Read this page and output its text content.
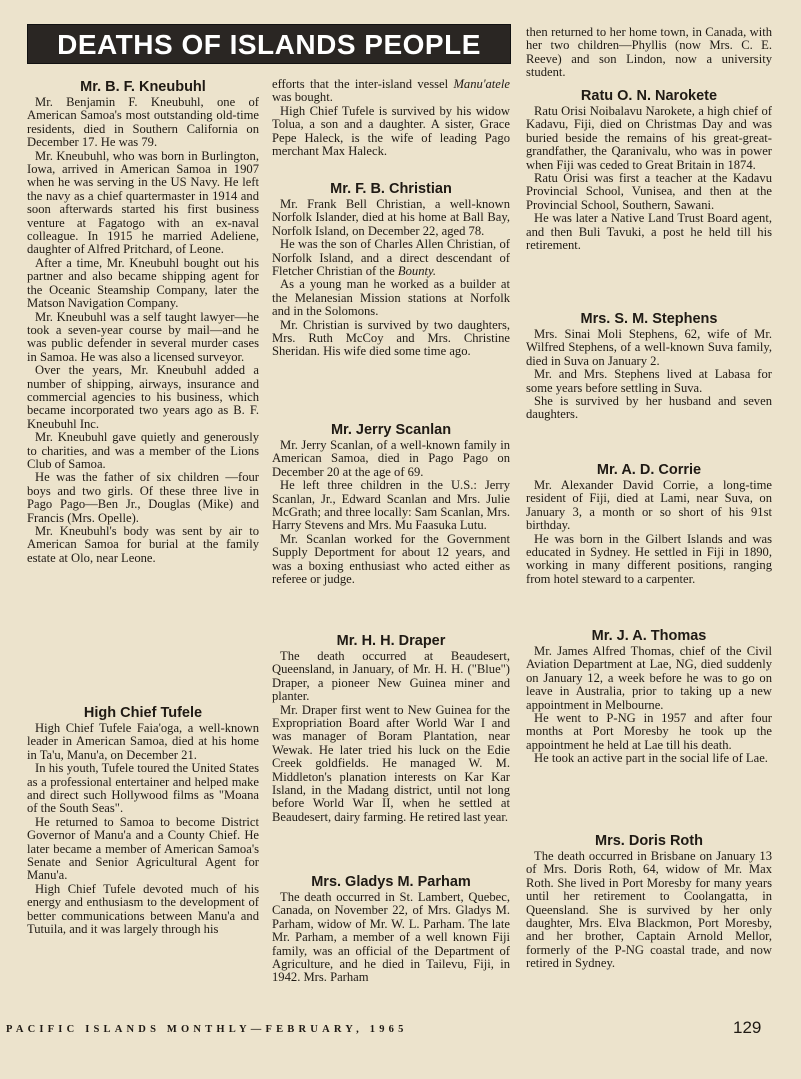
DEATHS OF ISLANDS PEOPLE

Mr. B. F. Kneubuhl

Mr. Benjamin F. Kneubuhl, one of American Samoa's most outstanding old-time residents, died in Southern California on December 17. He was 79.

Mr. Kneubuhl, who was born in Burlington, Iowa, arrived in American Samoa in 1907 when he was serving in the US Navy. He left the navy as a chief quartermaster in 1914 and soon afterwards started his first business venture at Fagatogo with an ex-naval colleague. In 1915 he married Adeliene, daughter of Alfred Pritchard, of Leone.

After a time, Mr. Kneubuhl bought out his partner and also became shipping agent for the Oceanic Steamship Company, later the Matson Navigation Company.

Mr. Kneubuhl was a self taught lawyer—he took a seven-year course by mail—and he was public defender in several murder cases in Samoa. He was also a licensed surveyor.

Over the years, Mr. Kneubuhl added a number of shipping, airways, insurance and commercial agencies to his business, which became incorporated two years ago as B. F. Kneubuhl Inc.

Mr. Kneubuhl gave quietly and generously to charities, and was a member of the Lions Club of Samoa.

He was the father of six children —four boys and two girls. Of these three live in Pago Pago—Ben Jr., Douglas (Mike) and Francis (Mrs. Opelle).

Mr. Kneubuhl's body was sent by air to American Samoa for burial at the family estate at Olo, near Leone.

High Chief Tufele

High Chief Tufele Faia'oga, a well-known leader in American Samoa, died at his home in Ta'u, Manu'a, on December 21.

In his youth, Tufele toured the United States as a professional entertainer and helped make and direct such Hollywood films as "Moana of the South Seas".

He returned to Samoa to become District Governor of Manu'a and a County Chief. He later became a member of American Samoa's Senate and Senior Agricultural Agent for Manu'a.

High Chief Tufele devoted much of his energy and enthusiasm to the development of better communications between Manu'a and Tutuila, and it was largely through his

efforts that the inter-island vessel Manu'atele was bought.

High Chief Tufele is survived by his widow Tolua, a son and a daughter. A sister, Grace Pepe Haleck, is the wife of leading Pago merchant Max Haleck.

Mr. F. B. Christian

Mr. Frank Bell Christian, a well-known Norfolk Islander, died at his home at Ball Bay, Norfolk Island, on December 22, aged 78.

He was the son of Charles Allen Christian, of Norfolk Island, and a direct descendant of Fletcher Christian of the Bounty.

As a young man he worked as a builder at the Melanesian Mission stations at Norfolk and in the Solomons.

Mr. Christian is survived by two daughters, Mrs. Ruth McCoy and Mrs. Christine Sheridan. His wife died some time ago.

Mr. Jerry Scanlan

Mr. Jerry Scanlan, of a well-known family in American Samoa, died in Pago Pago on December 20 at the age of 69.

He left three children in the U.S.: Jerry Scanlan, Jr., Edward Scanlan and Mrs. Julie McGrath; and three locally: Sam Scanlan, Mrs. Harry Stevens and Mrs. Mu Faasuka Lutu.

Mr. Scanlan worked for the Government Supply Deportment for about 12 years, and was a boxing enthusiast who acted either as referee or judge.

Mr. H. H. Draper

The death occurred at Beaudesert, Queensland, in January, of Mr. H. H. ("Blue") Draper, a pioneer New Guinea miner and planter.

Mr. Draper first went to New Guinea for the Expropriation Board after World War I and was manager of Boram Plantation, near Wewak. He later tried his luck on the Edie Creek goldfields. He managed W. M. Middleton's planation interests on Kar Kar Island, in the Madang district, until not long before World War II, when he settled at Beaudesert, dairy farming. He retired last year.

Mrs. Gladys M. Parham

The death occurred in St. Lambert, Quebec, Canada, on November 22, of Mrs. Gladys M. Parham, widow of Mr. W. L. Parham. The late Mr. Parham, a member of a well known Fiji family, was an official of the Department of Agriculture, and he died in Tailevu, Fiji, in 1942. Mrs. Parham

then returned to her home town, in Canada, with her two children—Phyllis (now Mrs. C. E. Reeve) and son Lindon, now a university student.

Ratu O. N. Narokete

Ratu Orisi Noibalavu Narokete, a high chief of Kadavu, Fiji, died on Christmas Day and was buried beside the remains of his great-great-grandfather, the Qaranivalu, who was in power when Fiji was ceded to Great Britain in 1874.

Ratu Orisi was first a teacher at the Kadavu Provincial School, Vunisea, and then at the Provincial School, Southern, Sawani.

He was later a Native Land Trust Board agent, and then Buli Tavuki, a post he held till his retirement.

Mrs. S. M. Stephens

Mrs. Sinai Moli Stephens, 62, wife of Mr. Wilfred Stephens, of a well-known Suva family, died in Suva on January 2.

Mr. and Mrs. Stephens lived at Labasa for some years before settling in Suva.

She is survived by her husband and seven daughters.

Mr. A. D. Corrie

Mr. Alexander David Corrie, a long-time resident of Fiji, died at Lami, near Suva, on January 3, a month or so short of his 91st birthday.

He was born in the Gilbert Islands and was educated in Sydney. He settled in Fiji in 1890, working in many different positions, ranging from hotel steward to a carpenter.

Mr. J. A. Thomas

Mr. James Alfred Thomas, chief of the Civil Aviation Department at Lae, NG, died suddenly on January 12, a week before he was to go on leave in Australia, prior to taking up a new appointment in Melbourne.

He went to P-NG in 1957 and after four months at Port Moresby he took up the appointment he held at Lae till his death.

He took an active part in the social life of Lae.

Mrs. Doris Roth

The death occurred in Brisbane on January 13 of Mrs. Doris Roth, 64, widow of Mr. Max Roth. She lived in Port Moresby for many years until her retirement to Coolangatta, in Queensland. She is survived by her only daughter, Mrs. Elva Blackmon, Port Moresby, and her brother, Captain Arnold Mellor, formerly of the P-NG coastal trade, and now retired in Sydney.

PACIFIC ISLANDS MONTHLY—FEBRUARY, 1965	129
